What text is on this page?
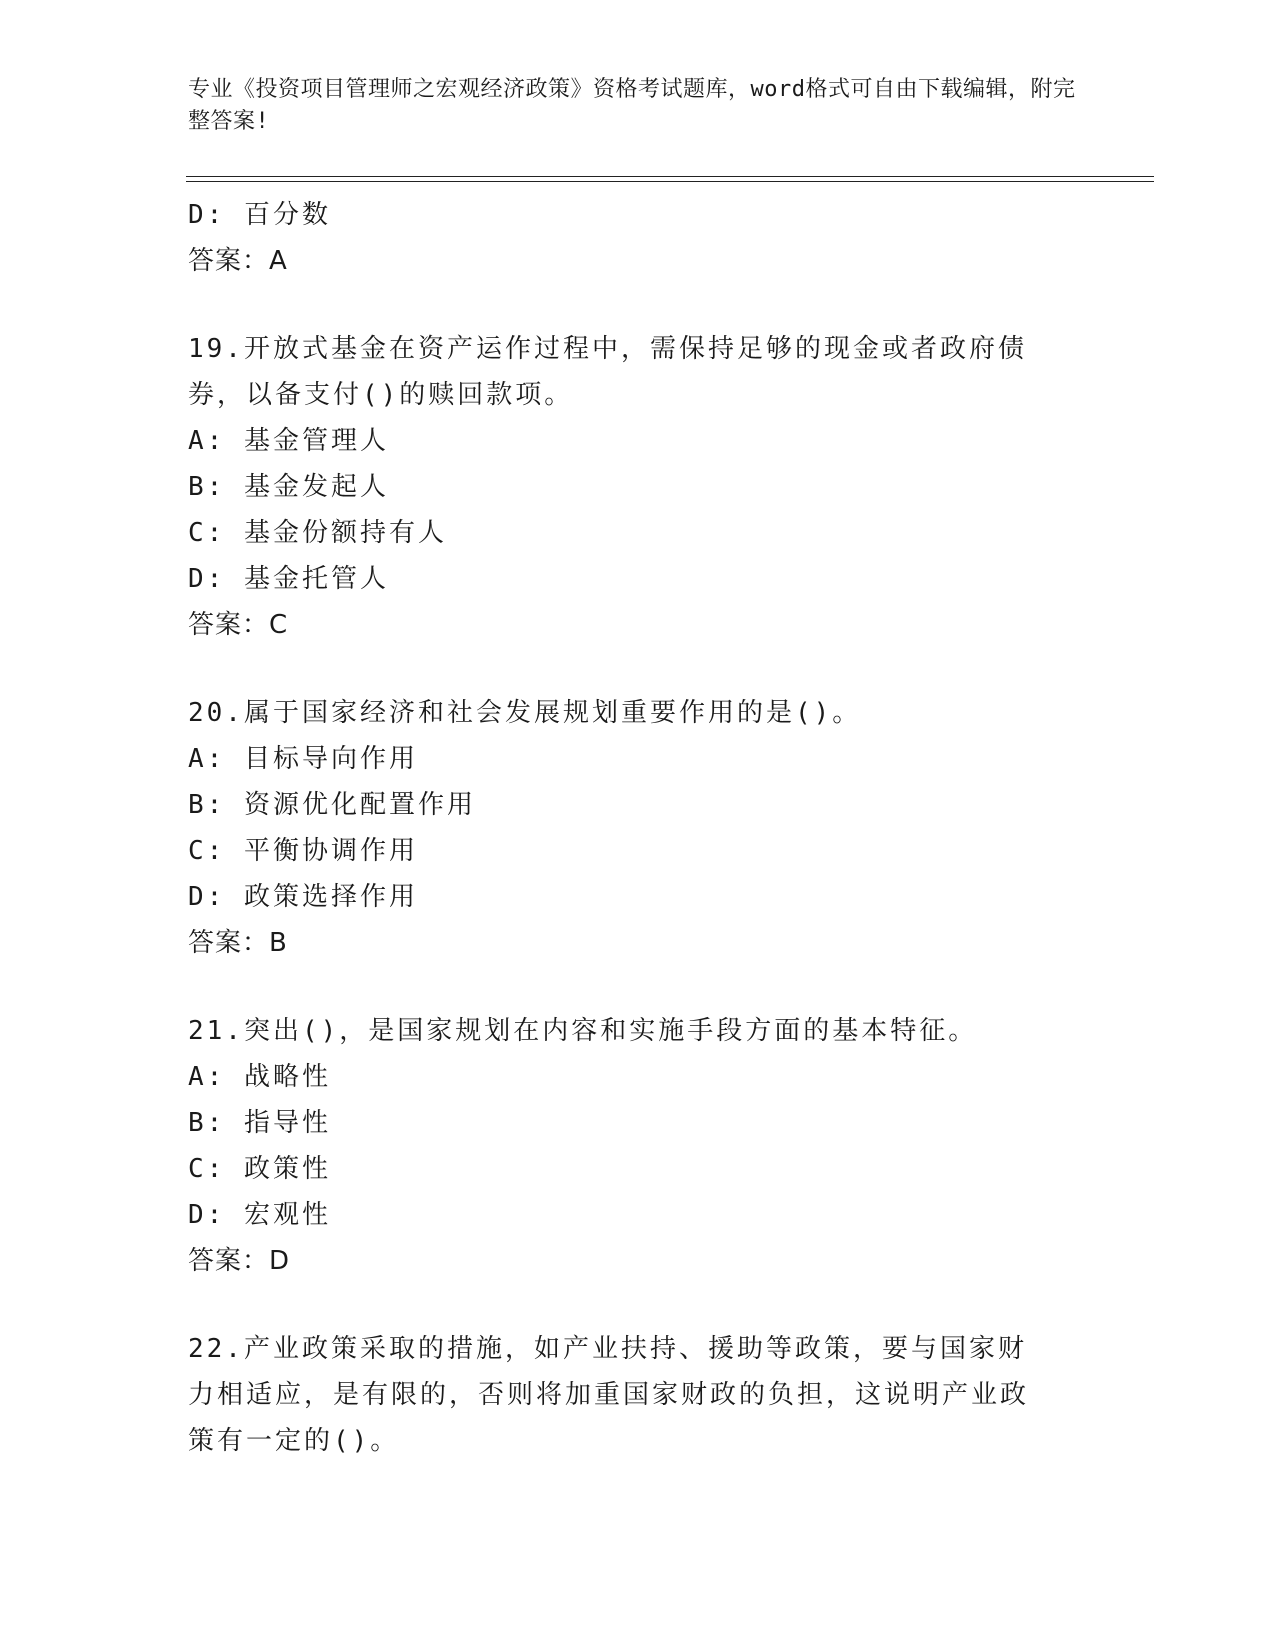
专业《投资项目管理师之宏观经济政策》资格考试题库，word格式可自由下载编辑，附完整答案!
D: 百分数
答案：A
19.开放式基金在资产运作过程中，需保持足够的现金或者政府债券，以备支付()的赎回款项。
A: 基金管理人
B: 基金发起人
C: 基金份额持有人
D: 基金托管人
答案：C
20.属于国家经济和社会发展规划重要作用的是()。
A: 目标导向作用
B: 资源优化配置作用
C: 平衡协调作用
D: 政策选择作用
答案：B
21.突出()，是国家规划在内容和实施手段方面的基本特征。
A: 战略性
B: 指导性
C: 政策性
D: 宏观性
答案：D
22.产业政策采取的措施，如产业扶持、援助等政策，要与国家财力相适应，是有限的，否则将加重国家财政的负担，这说明产业政策有一定的()。
